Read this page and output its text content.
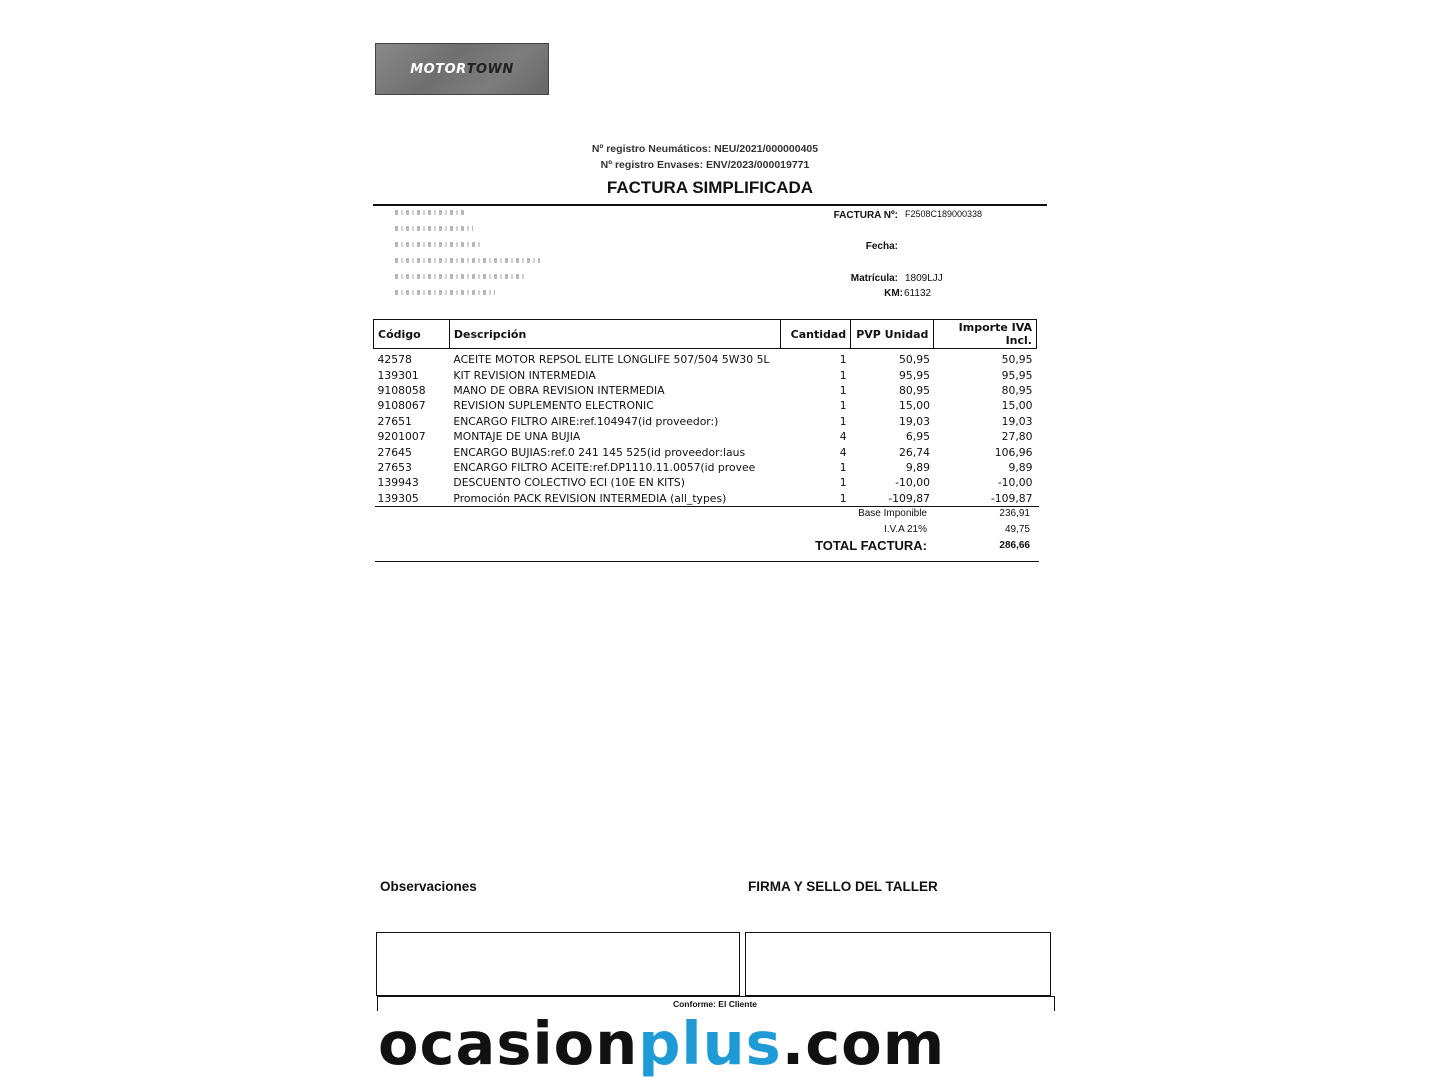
MOTOR TOWN
Nº registro Neumáticos: NEU/2021/000000405
Nº registro Envases: ENV/2023/000019771
FACTURA SIMPLIFICADA
FACTURA Nº: F2508C189000338
Fecha:
Matrícula: 1809LJJ
KM: 61132
Código	Descripción	Cantidad	PVP Unidad	Importe IVA Incl.
42578	ACEITE MOTOR REPSOL ELITE LONGLIFE 507/504 5W30 5L	1	50,95	50,95
139301	KIT REVISION INTERMEDIA	1	95,95	95,95
9108058	MANO DE OBRA REVISION INTERMEDIA	1	80,95	80,95
9108067	REVISION SUPLEMENTO ELECTRONIC	1	15,00	15,00
27651	ENCARGO FILTRO AIRE:ref.104947(id proveedor:)	1	19,03	19,03
9201007	MONTAJE DE UNA BUJIA	4	6,95	27,80
27645	ENCARGO BUJIAS:ref.0 241 145 525(id proveedor:laus	4	26,74	106,96
27653	ENCARGO FILTRO ACEITE:ref.DP1110.11.0057(id provee	1	9,89	9,89
139943	DESCUENTO COLECTIVO ECI (10E EN KITS)	1	-10,00	-10,00
139305	Promoción PACK REVISION INTERMEDIA (all_types)	1	-109,87	-109,87
Base Imponible	236,91
I.V.A 21%	49,75
TOTAL FACTURA:	286,66
Observaciones	FIRMA Y SELLO DEL TALLER
Conforme: El Cliente
ocasionplus.com
